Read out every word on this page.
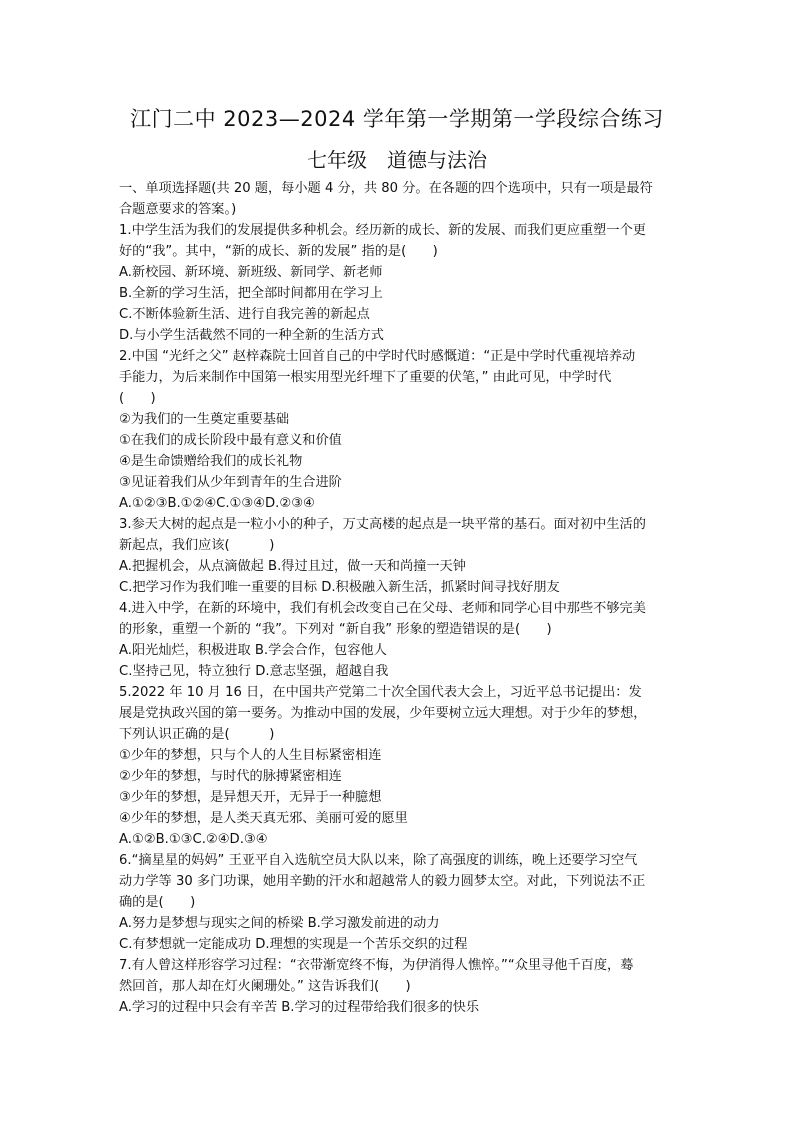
江门二中 2023—2024 学年第一学期第一学段综合练习
七年级　道德与法治
一、单项选择题(共 20 题，每小题 4 分，共 80 分。在各题的四个选项中，只有一项是最符
合题意要求的答案。)
1.中学生活为我们的发展提供多种机会。经历新的成长、新的发展、而我们更应重塑一个更
好的“我”。其中，“新的成长、新的发展” 指的是(　　)
A.新校园、新环境、新班级、新同学、新老师
B.全新的学习生活，把全部时间都用在学习上
C.不断体验新生活、进行自我完善的新起点
D.与小学生活截然不同的一种全新的生活方式
2.中国 “光纤之父” 赵梓森院士回首自己的中学时代时感慨道：“正是中学时代重视培养动
手能力，为后来制作中国第一根实用型光纤埋下了重要的伏笔，” 由此可见，中学时代
(　　)
②为我们的一生奠定重要基础
①在我们的成长阶段中最有意义和价值
④是生命馈赠给我们的成长礼物
③见证着我们从少年到青年的生合进阶
A.①②③B.①②④C.①③④D.②③④
3.参天大树的起点是一粒小小的种子，万丈高楼的起点是一块平常的基石。面对初中生活的
新起点，我们应该(　　　)
A.把握机会，从点滴做起 B.得过且过，做一天和尚撞一天钟
C.把学习作为我们唯一重要的目标 D.积极融入新生活，抓紧时间寻找好朋友
4.进入中学，在新的环境中，我们有机会改变自己在父母、老师和同学心目中那些不够完美
的形象，重塑一个新的 “我”。下列对 “新自我” 形象的塑造错误的是(　　)
A.阳光灿烂，积极进取 B.学会合作，包容他人
C.坚持己见，特立独行 D.意志坚强，超越自我
5.2022 年 10 月 16 日，在中国共产党第二十次全国代表大会上，习近平总书记提出：发
展是党执政兴国的第一要务。为推动中国的发展，少年要树立远大理想。对于少年的梦想，
下列认识正确的是(　　　)
①少年的梦想，只与个人的人生目标紧密相连
②少年的梦想，与时代的脉搏紧密相连
③少年的梦想，是异想天开，无异于一种臆想
④少年的梦想，是人类天真无邪、美丽可爱的愿里
A.①②B.①③C.②④D.③④
6.“摘星星的妈妈” 王亚平自入选航空员大队以来，除了高强度的训练，晚上还要学习空气
动力学等 30 多门功课，她用辛勤的汗水和超越常人的毅力圆梦太空。对此，下列说法不正
确的是(　　)
A.努力是梦想与现实之间的桥梁 B.学习激发前进的动力
C.有梦想就一定能成功 D.理想的实现是一个苦乐交织的过程
7.有人曾这样形容学习过程：“衣带渐宽终不悔，为伊消得人憔悴。”“众里寻他千百度，蓦
然回首，那人却在灯火阑珊处。” 这告诉我们(　　)
A.学习的过程中只会有辛苦 B.学习的过程带给我们很多的快乐
